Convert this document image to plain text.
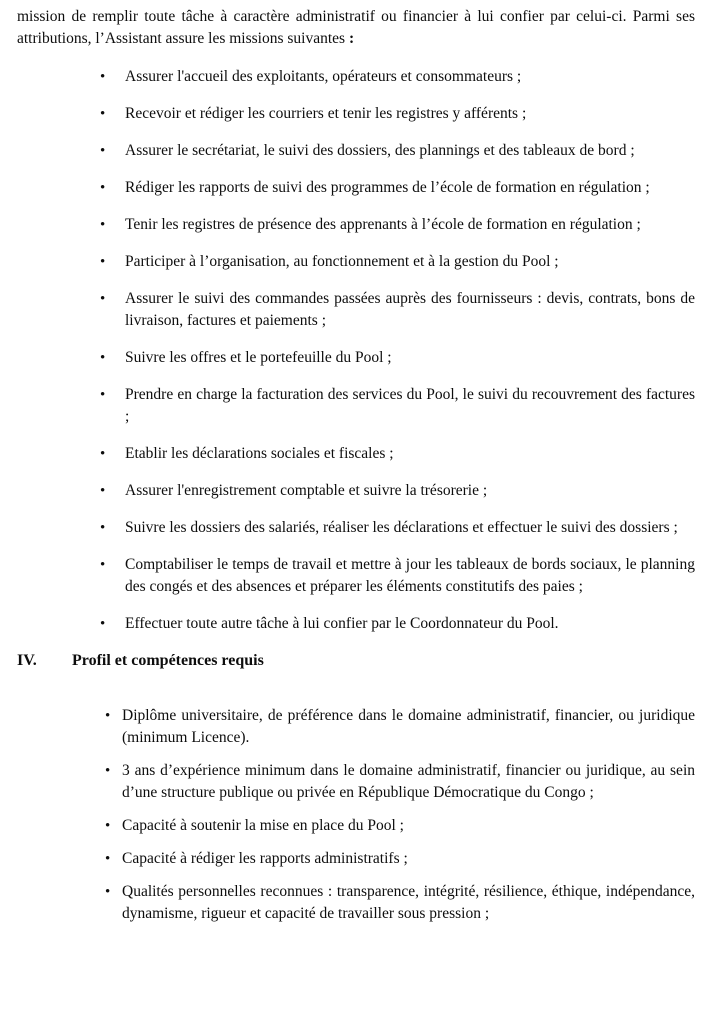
mission de remplir toute tâche à caractère administratif ou financier à lui confier par celui-ci. Parmi ses attributions, l’Assistant assure les missions suivantes :

•
Assurer l'accueil des exploitants, opérateurs et consommateurs ;
•
Recevoir et rédiger les courriers et tenir les registres y afférents ;
•
Assurer le secrétariat, le suivi des dossiers, des plannings et des tableaux de bord ;
•
Rédiger les rapports de suivi des programmes de l’école de formation en régulation ;
•
Tenir les registres de présence des apprenants à l’école de formation en régulation ;
•
Participer à l’organisation, au fonctionnement et à la gestion du Pool ;
•
Assurer le suivi des commandes passées auprès des fournisseurs : devis, contrats, bons de livraison, factures et paiements ;
•
Suivre les offres et le portefeuille du Pool ;
•
Prendre en charge la facturation des services du Pool, le suivi du recouvrement des factures ;
•
Etablir les déclarations sociales et fiscales ;
•
Assurer l'enregistrement comptable et suivre la trésorerie ;
•
Suivre les dossiers des salariés, réaliser les déclarations et effectuer le suivi des dossiers ;
•
Comptabiliser le temps de travail et mettre à jour les tableaux de bords sociaux, le planning des congés et des absences et préparer les éléments constitutifs des paies ;
•
Effectuer toute autre tâche à lui confier par le Coordonnateur du Pool.
IV.	Profil et compétences requis
•
Diplôme universitaire, de préférence dans le domaine administratif, financier, ou juridique (minimum Licence).
•
3 ans d’expérience minimum dans le domaine administratif, financier ou juridique, au sein d’une structure publique ou privée en République Démocratique du Congo ;
•
Capacité à soutenir la mise en place du Pool ;
•
Capacité à rédiger les rapports administratifs ;
•
Qualités personnelles reconnues : transparence, intégrité, résilience, éthique, indépendance, dynamisme, rigueur et capacité de travailler sous pression ;
